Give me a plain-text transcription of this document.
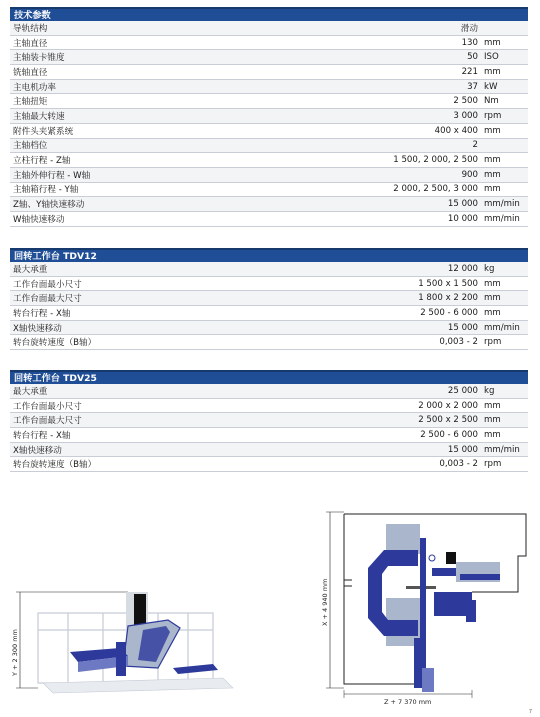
技术参数
导轨结构	滑动
主轴直径	130 mm
主轴装卡锥度	50 ISO
铣轴直径	221 mm
主电机功率	37 kW
主轴扭矩	2 500 Nm
主轴最大转速	3 000 rpm
附件头夹紧系统	400 x 400 mm
主轴档位	2
立柱行程 - Z轴	1 500, 2 000, 2 500 mm
主轴外伸行程 - W轴	900 mm
主轴箱行程 - Y轴	2 000, 2 500, 3 000 mm
Z轴、Y轴快速移动	15 000 mm/min
W轴快速移动	10 000 mm/min
回转工作台 TDV12
最大承重	12 000 kg
工作台面最小尺寸	1 500 x 1 500 mm
工作台面最大尺寸	1 800 x 2 200 mm
转台行程 - X轴	2 500 - 6 000 mm
X轴快速移动	15 000 mm/min
转台旋转速度（B轴）	0,003 - 2 rpm
回转工作台 TDV25
最大承重	25 000 kg
工作台面最小尺寸	2 000 x 2 000 mm
工作台面最大尺寸	2 500 x 2 500 mm
转台行程 - X轴	2 500 - 6 000 mm
X轴快速移动	15 000 mm/min
转台旋转速度（B轴）	0,003 - 2 rpm
Y + 2 300 mm
X + 4 940 mm
Z + 7 370 mm
7
